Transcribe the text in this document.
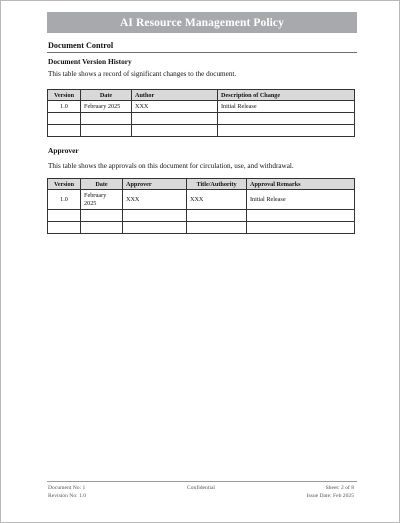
AI Resource Management Policy
Document Control
Document Version History
This table shows a record of significant changes to the document.
Version	Date	Author	Description of Change
1.0	February 2025	XXX	Initial Release

Approver
This table shows the approvals on this document for circulation, use, and withdrawal.
Version	Date	Approver	Title/Authority	Approval Remarks
1.0	February 2025	XXX	XXX	Initial Release

Document No: 1
Revision No: 1.0
Confidential	Sheet: 2 of 8
Issue Date: Feb 2025
